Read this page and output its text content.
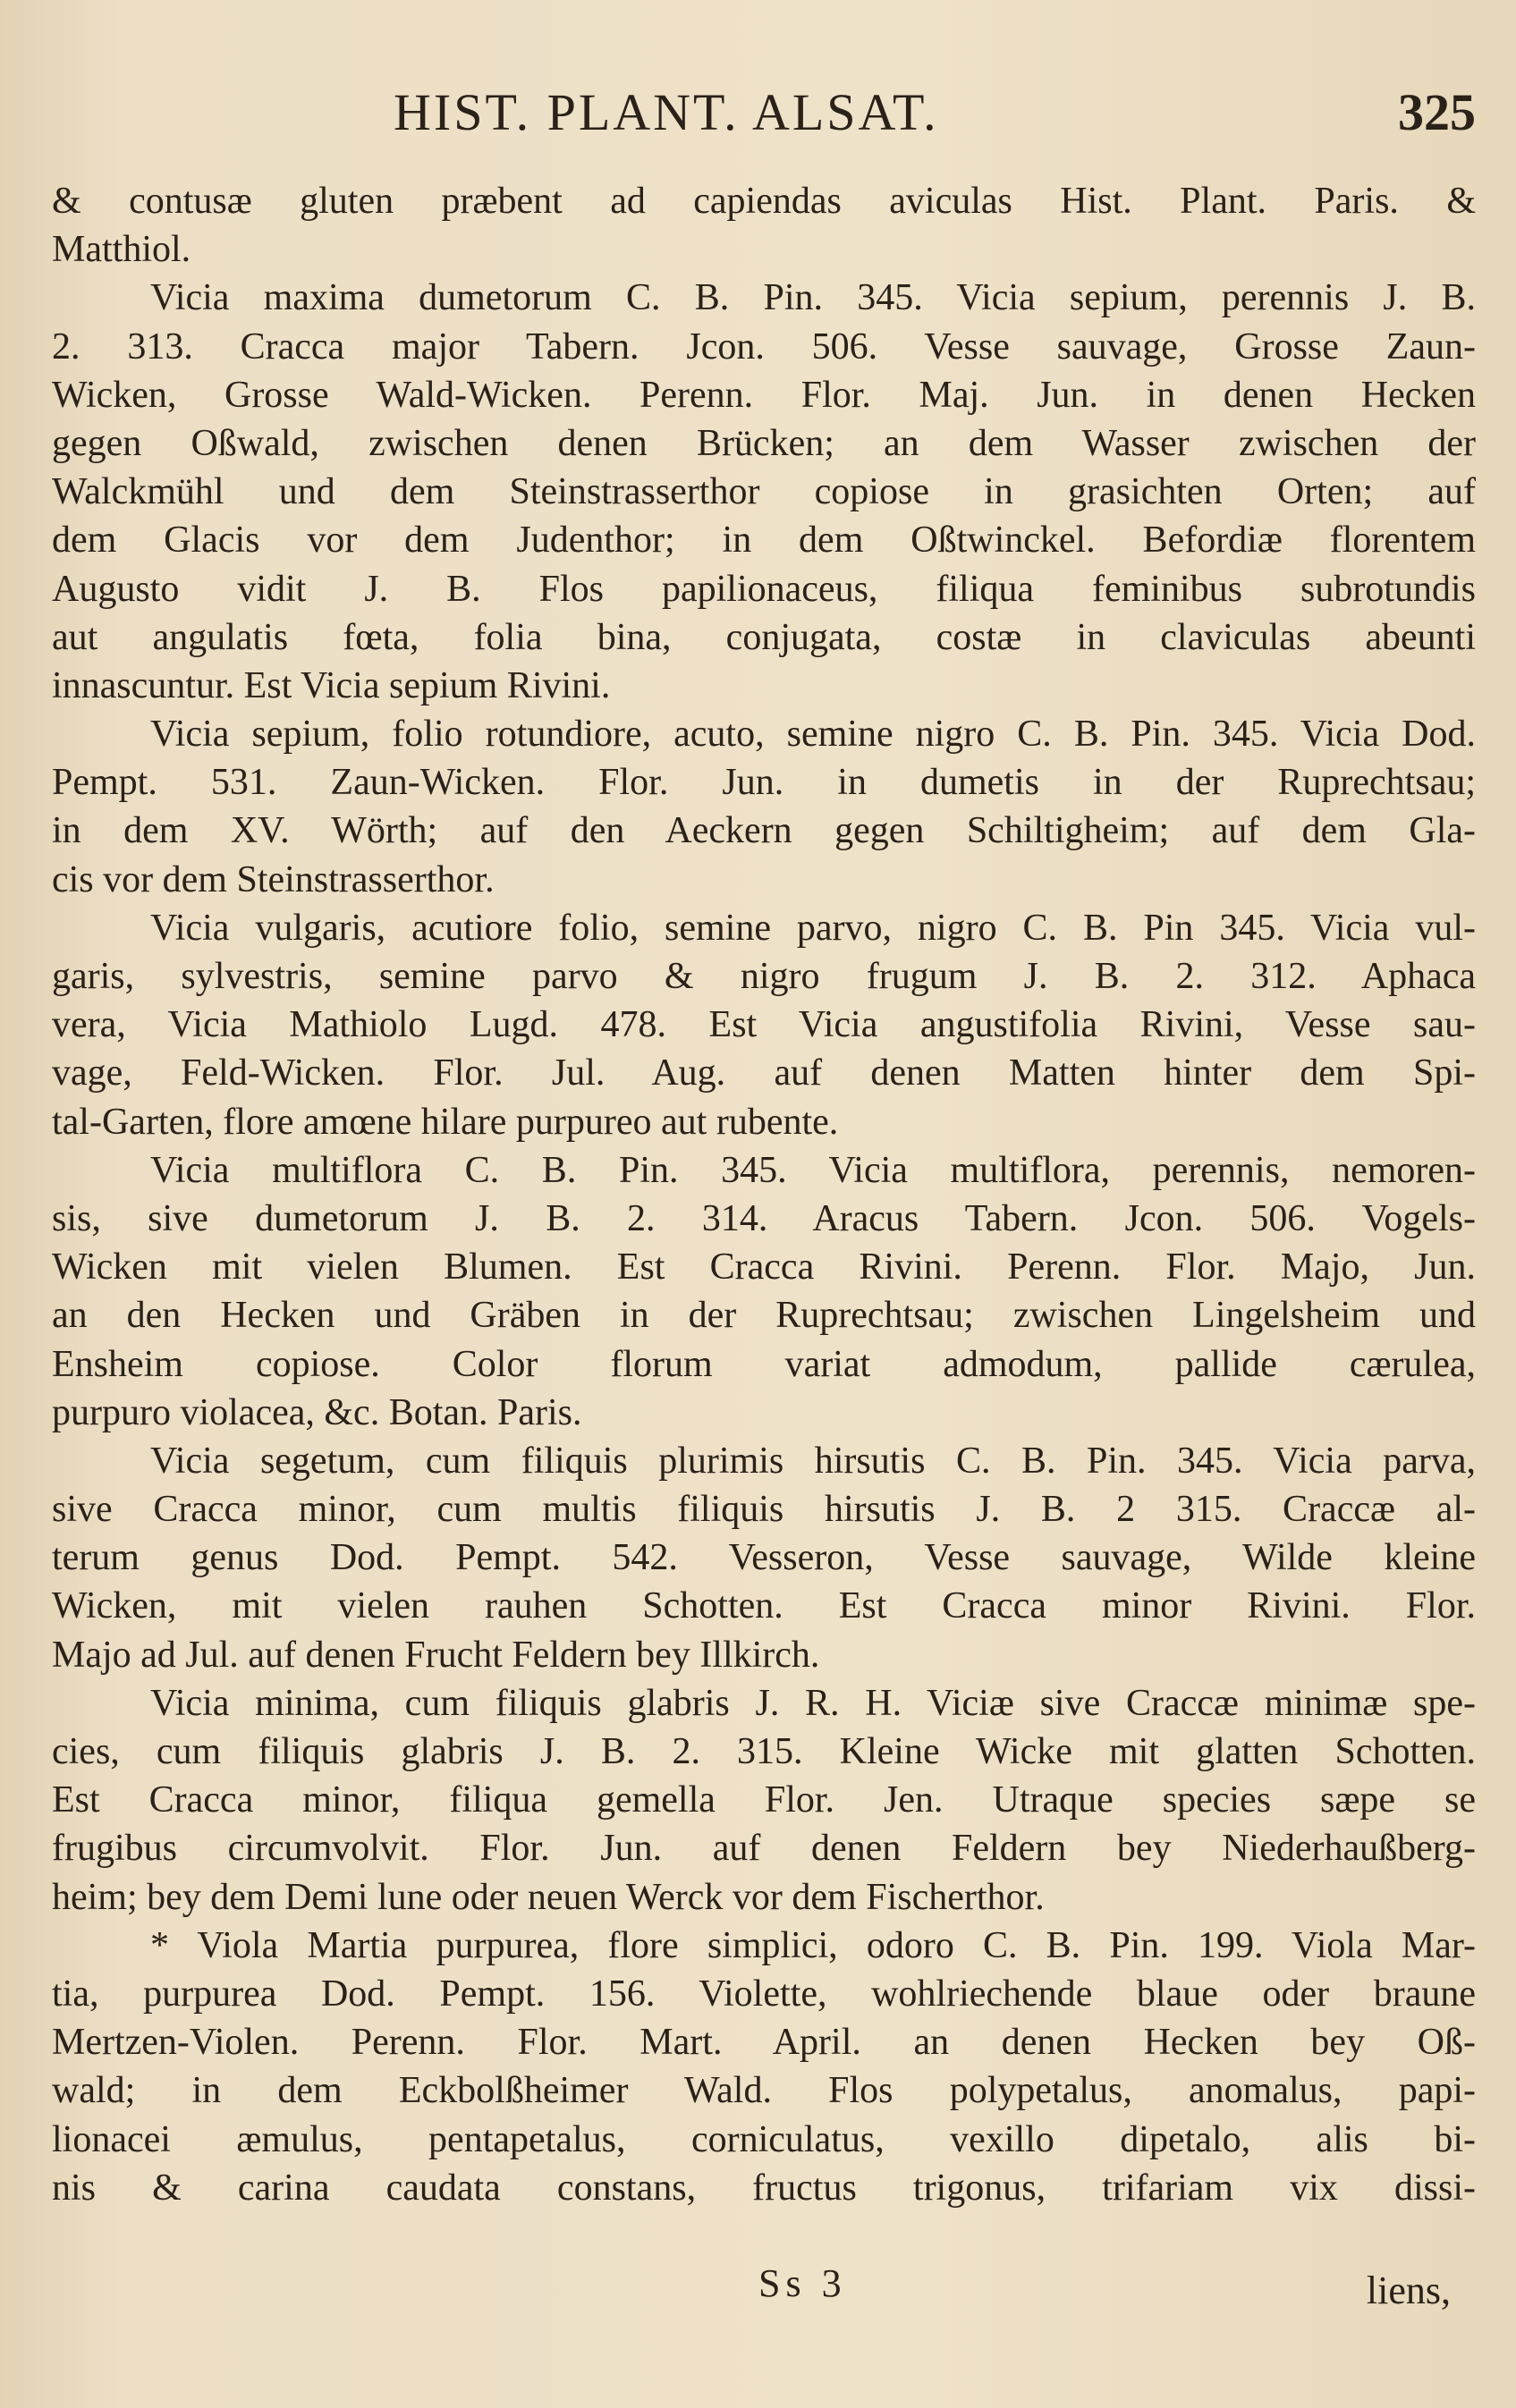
HIST. PLANT. ALSAT.	325
& contusæ gluten præbent ad capiendas aviculas Hist. Plant. Paris. &
Matthiol.
Vicia maxima dumetorum C. B. Pin. 345. Vicia sepium, perennis J. B.
2. 313. Cracca major Tabern. Jcon. 506. Vesse sauvage, Grosse Zaun-
Wicken, Grosse Wald-Wicken. Perenn. Flor. Maj. Jun. in denen Hecken
gegen Oßwald, zwischen denen Brücken; an dem Wasser zwischen der
Walckmühl und dem Steinstrasserthor copiose in grasichten Orten; auf
dem Glacis vor dem Judenthor; in dem Oßtwinckel. Befordiæ florentem
Augusto vidit J. B. Flos papilionaceus, filiqua feminibus subrotundis
aut angulatis fœta, folia bina, conjugata, costæ in claviculas abeunti
innascuntur. Est Vicia sepium Rivini.
Vicia sepium, folio rotundiore, acuto, semine nigro C. B. Pin. 345. Vicia Dod.
Pempt. 531. Zaun-Wicken. Flor. Jun. in dumetis in der Ruprechtsau;
in dem XV. Wörth; auf den Aeckern gegen Schiltigheim; auf dem Gla-
cis vor dem Steinstrasserthor.
Vicia vulgaris, acutiore folio, semine parvo, nigro C. B. Pin 345. Vicia vul-
garis, sylvestris, semine parvo & nigro frugum J. B. 2. 312. Aphaca
vera, Vicia Mathiolo Lugd. 478. Est Vicia angustifolia Rivini, Vesse sau-
vage, Feld-Wicken. Flor. Jul. Aug. auf denen Matten hinter dem Spi-
tal-Garten, flore amœne hilare purpureo aut rubente.
Vicia multiflora C. B. Pin. 345. Vicia multiflora, perennis, nemoren-
sis, sive dumetorum J. B. 2. 314. Aracus Tabern. Jcon. 506. Vogels-
Wicken mit vielen Blumen. Est Cracca Rivini. Perenn. Flor. Majo, Jun.
an den Hecken und Gräben in der Ruprechtsau; zwischen Lingelsheim und
Ensheim copiose. Color florum variat admodum, pallide cærulea,
purpuro violacea, &c. Botan. Paris.
Vicia segetum, cum filiquis plurimis hirsutis C. B. Pin. 345. Vicia parva,
sive Cracca minor, cum multis filiquis hirsutis J. B. 2 315. Craccæ al-
terum genus Dod. Pempt. 542. Vesseron, Vesse sauvage, Wilde kleine
Wicken, mit vielen rauhen Schotten. Est Cracca minor Rivini. Flor.
Majo ad Jul. auf denen Frucht Feldern bey Illkirch.
Vicia minima, cum filiquis glabris J. R. H. Viciæ sive Craccæ minimæ spe-
cies, cum filiquis glabris J. B. 2. 315. Kleine Wicke mit glatten Schotten.
Est Cracca minor, filiqua gemella Flor. Jen. Utraque species sæpe se
frugibus circumvolvit. Flor. Jun. auf denen Feldern bey Niederhaußberg-
heim; bey dem Demi lune oder neuen Werck vor dem Fischerthor.
* Viola Martia purpurea, flore simplici, odoro C. B. Pin. 199. Viola Mar-
tia, purpurea Dod. Pempt. 156. Violette, wohlriechende blaue oder braune
Mertzen-Violen. Perenn. Flor. Mart. April. an denen Hecken bey Oß-
wald; in dem Eckbolßheimer Wald. Flos polypetalus, anomalus, papi-
lionacei æmulus, pentapetalus, corniculatus, vexillo dipetalo, alis bi-
nis & carina caudata constans, fructus trigonus, trifariam vix dissi-
Ss 3	liens,
